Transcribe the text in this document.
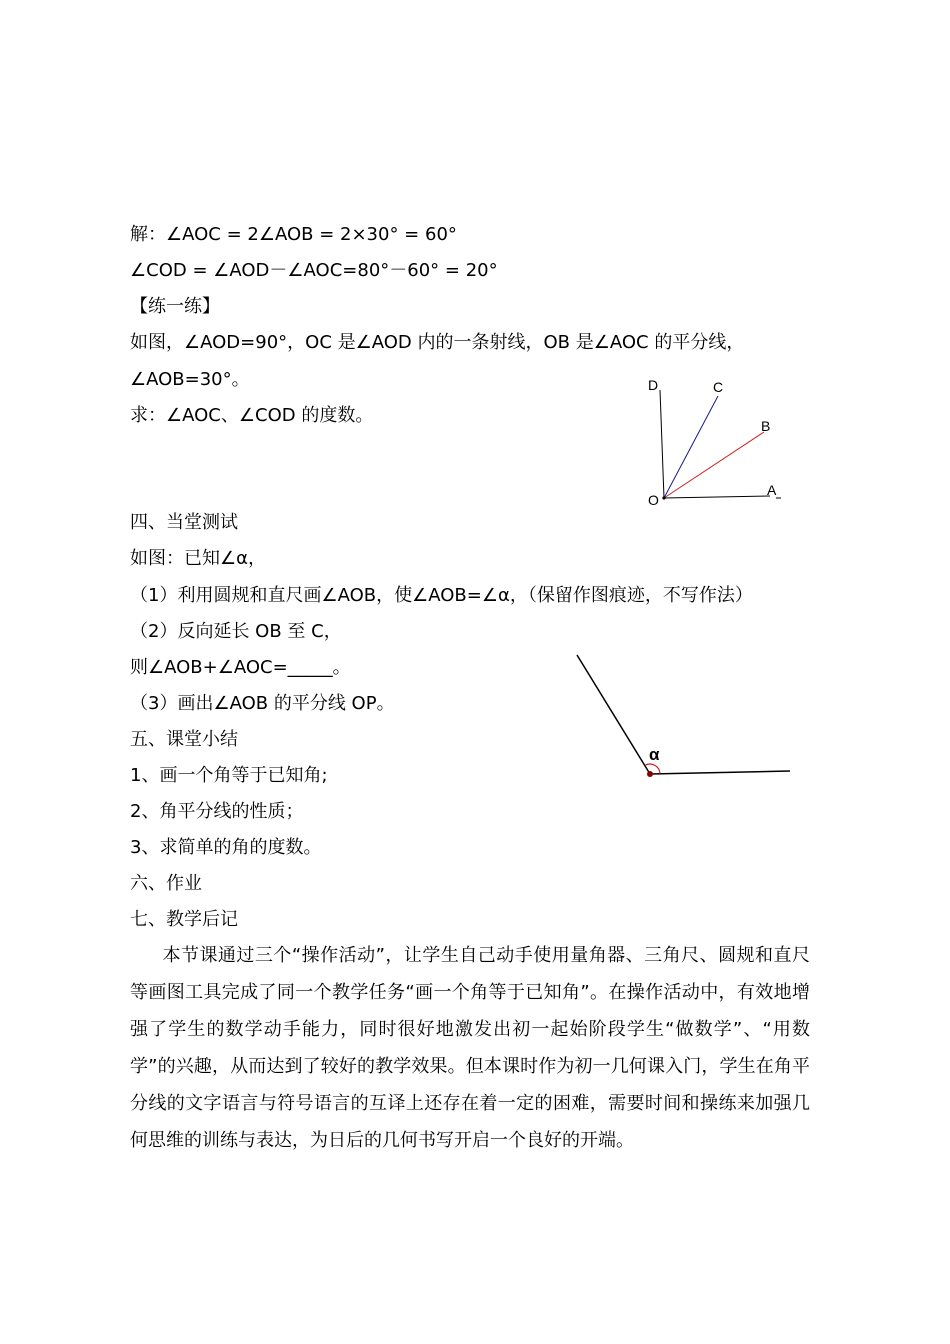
解：∠AOC = 2∠AOB = 2×30° = 60°
∠COD = ∠AOD－∠AOC=80°－60° = 20°
【练一练】
如图，∠AOD=90°，OC 是∠AOD 内的一条射线，OB 是∠AOC 的平分线，
∠AOB=30°。
求：∠AOC、∠COD 的度数。
D	C
B
A
O
四、当堂测试
如图：已知∠α，
（1）利用圆规和直尺画∠AOB，使∠AOB=∠α，（保留作图痕迹，不写作法）
（2）反向延长 OB 至 C，
则∠AOB+∠AOC=_____。
（3）画出∠AOB 的平分线 OP。
α
五、课堂小结
1、画一个角等于已知角;
2、角平分线的性质；
3、求简单的角的度数。
六、作业
七、教学后记
本节课通过三个“操作活动”，让学生自己动手使用量角器、三角尺、圆规和直尺等画图工具完成了同一个教学任务“画一个角等于已知角”。在操作活动中，有效地增强了学生的数学动手能力，同时很好地激发出初一起始阶段学生“做数学”、“用数学”的兴趣，从而达到了较好的教学效果。但本课时作为初一几何课入门，学生在角平分线的文字语言与符号语言的互译上还存在着一定的困难，需要时间和操练来加强几何思维的训练与表达，为日后的几何书写开启一个良好的开端。
